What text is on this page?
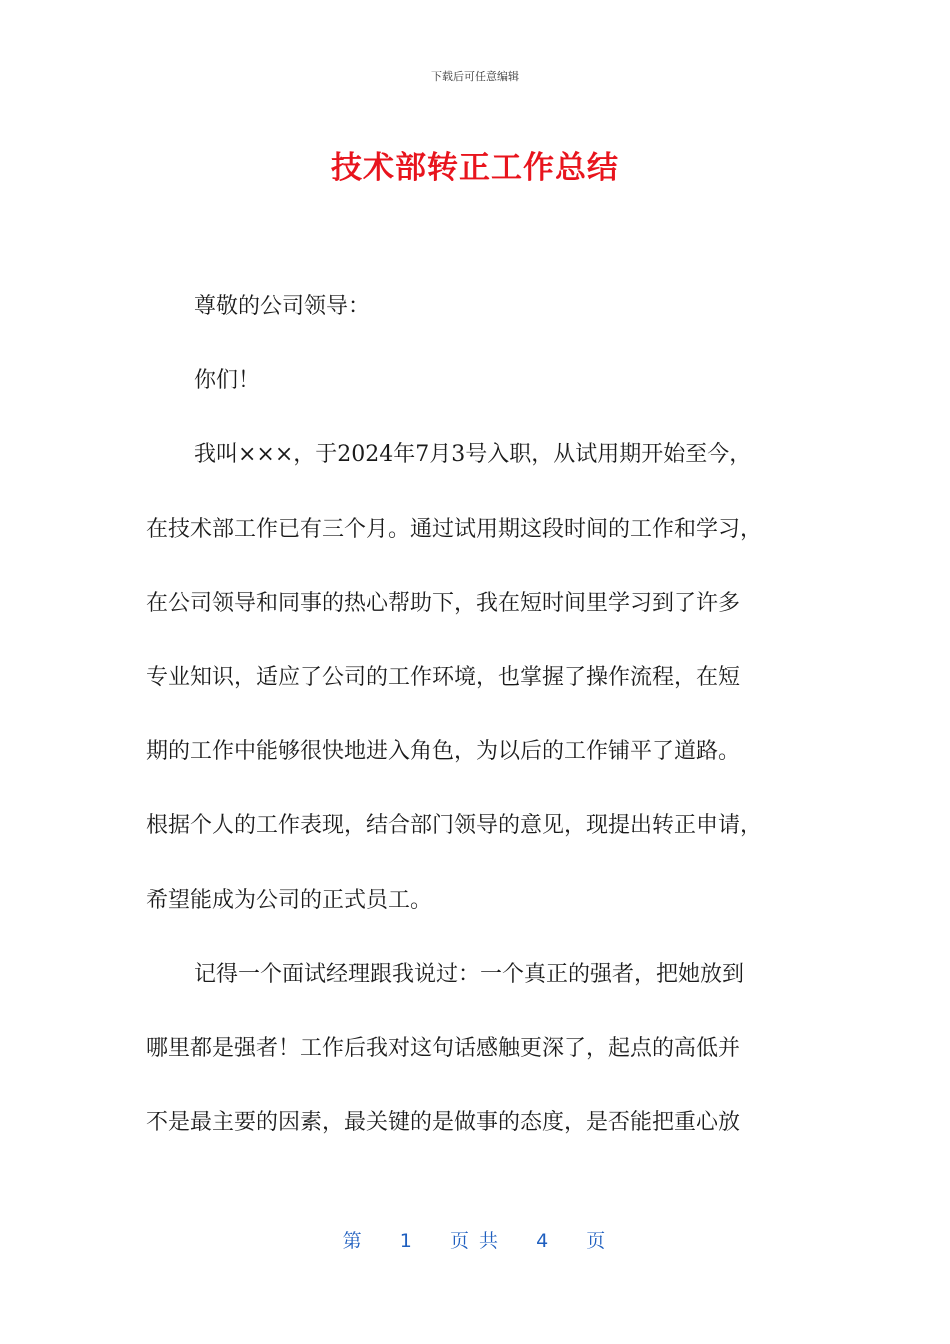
下载后可任意编辑
技术部转正工作总结
尊敬的公司领导：
你们！
我叫×××，于2024年7月3号入职，从试用期开始至今，
在技术部工作已有三个月。通过试用期这段时间的工作和学习，
在公司领导和同事的热心帮助下，我在短时间里学习到了许多
专业知识，适应了公司的工作环境，也掌握了操作流程，在短
期的工作中能够很快地进入角色，为以后的工作铺平了道路。
根据个人的工作表现，结合部门领导的意见，现提出转正申请，
希望能成为公司的正式员工。
记得一个面试经理跟我说过：一个真正的强者，把她放到
哪里都是强者！工作后我对这句话感触更深了，起点的高低并
不是最主要的因素，最关键的是做事的态度，是否能把重心放
第 1 页 共 4 页
